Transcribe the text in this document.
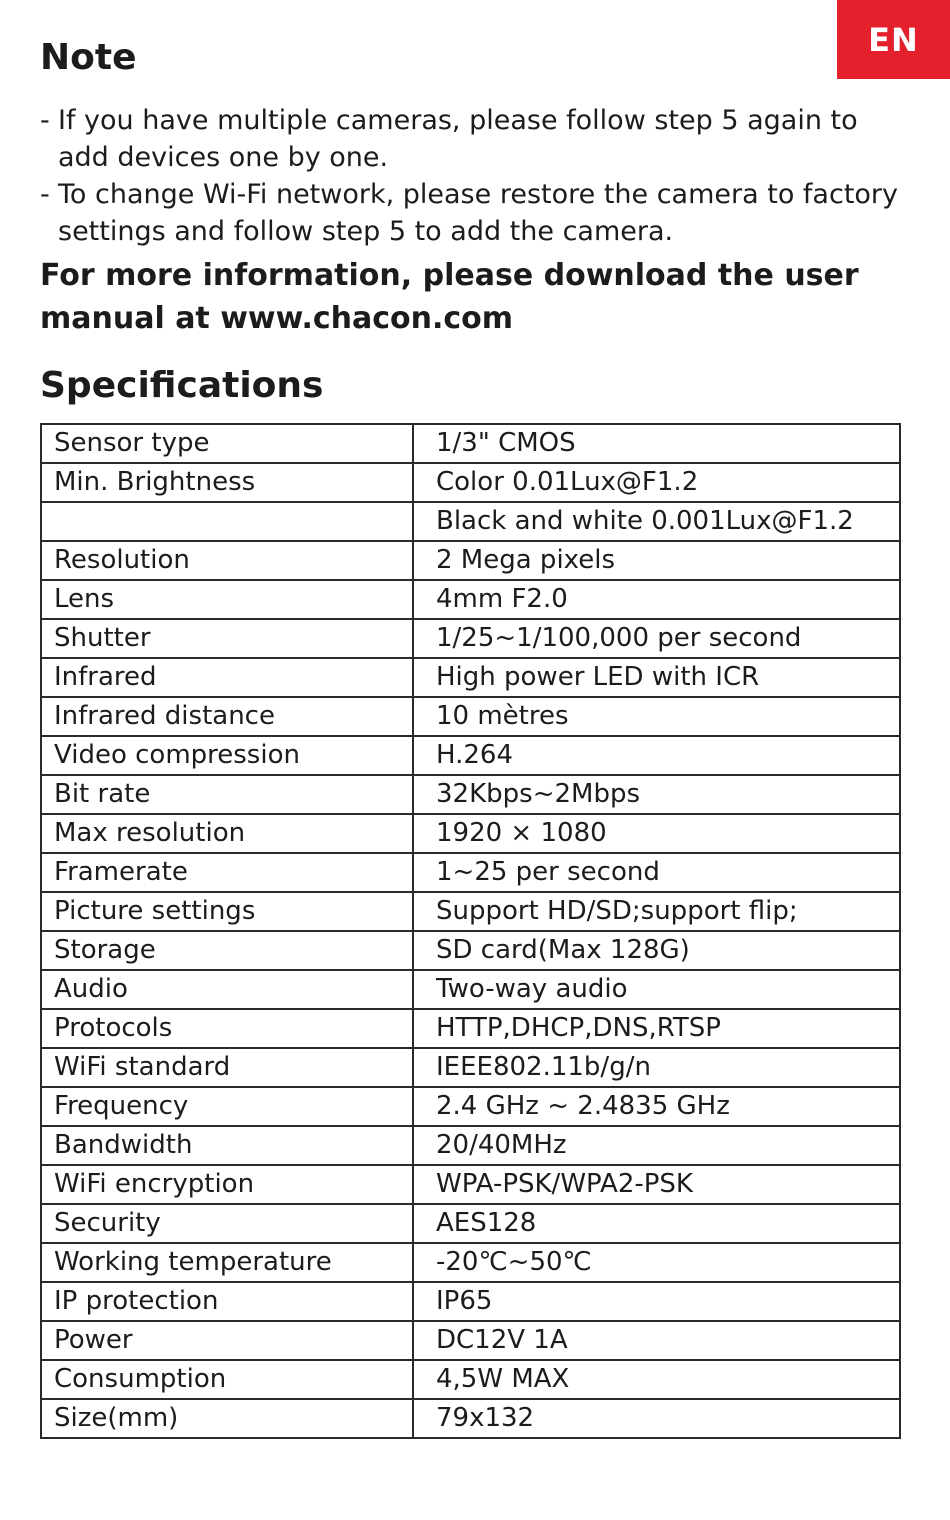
EN
Note
- If you have multiple cameras, please follow step 5 again to add devices one by one.
- To change Wi-Fi network, please restore the camera to factory settings and follow step 5 to add the camera.

For more information, please download the user manual at www.chacon.com

Specifications
Sensor type	1/3" CMOS
Min. Brightness	Color 0.01Lux@F1.2
	Black and white 0.001Lux@F1.2
Resolution	2 Mega pixels
Lens	4mm F2.0
Shutter	1/25~1/100,000 per second
Infrared	High power LED with ICR
Infrared distance	10 mètres
Video compression	H.264
Bit rate	32Kbps~2Mbps
Max resolution	1920 × 1080
Framerate	1~25 per second
Picture settings	Support HD/SD;support flip;
Storage	SD card(Max 128G)
Audio	Two-way audio
Protocols	HTTP,DHCP,DNS,RTSP
WiFi standard	IEEE802.11b/g/n
Frequency	2.4 GHz ~ 2.4835 GHz
Bandwidth	20/40MHz
WiFi encryption	WPA-PSK/WPA2-PSK
Security	AES128
Working temperature	-20℃~50℃
IP protection	IP65
Power	DC12V 1A
Consumption	4,5W MAX
Size(mm)	79x132
